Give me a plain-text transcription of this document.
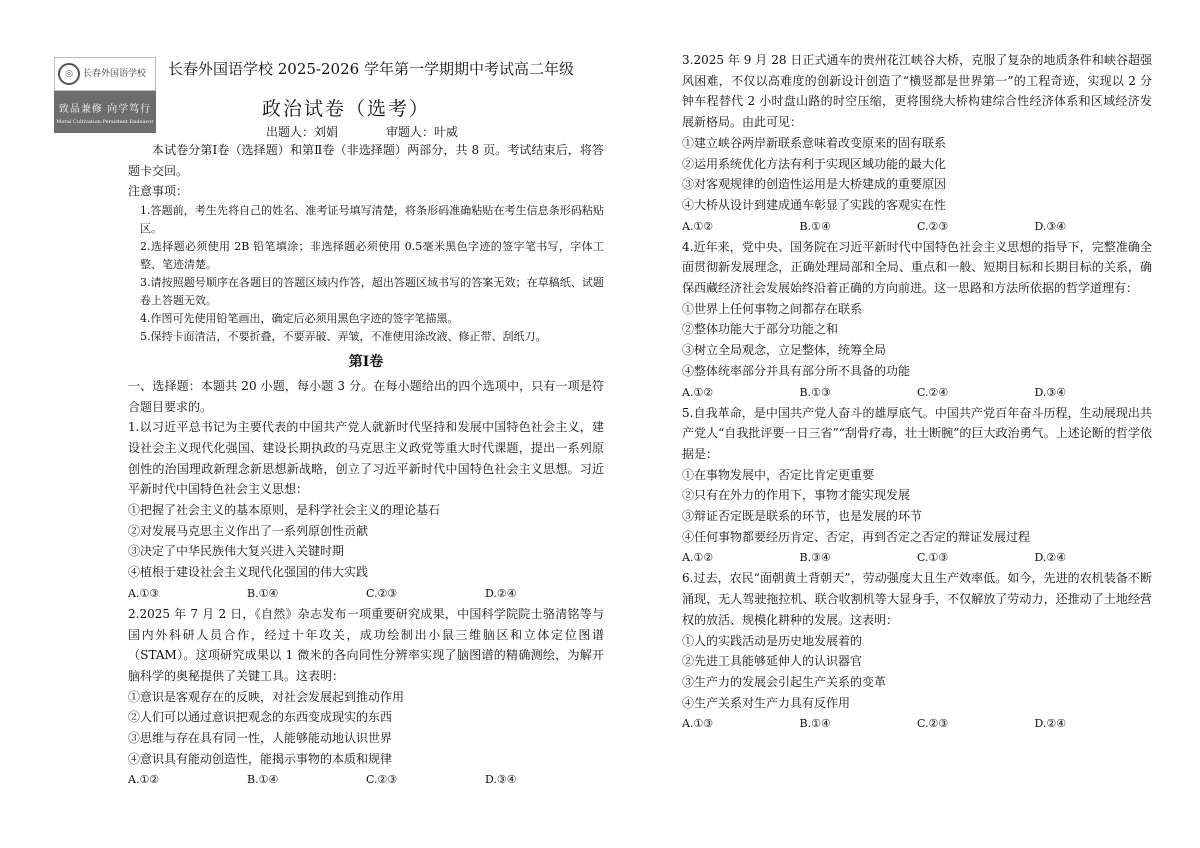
◎	长春外国语学校
致品兼修 向学笃行
Moral Cultivation Persistent Endeavor
长春外国语学校 2025-2026 学年第一学期期中考试高二年级
政治试卷（选考）
出题人：刘娟	审题人：叶威

本试卷分第Ⅰ卷（选择题）和第Ⅱ卷（非选择题）两部分，共 8 页。考试结束后，将答题卡交回。

注意事项：

1.答题前，考生先将自己的姓名、准考证号填写清楚，将条形码准确粘贴在考生信息条形码粘贴区。

2.选择题必须使用 2B 铅笔填涂；非选择题必须使用 0.5毫米黑色字迹的签字笔书写，字体工整、笔迹清楚。

3.请按照题号顺序在各题目的答题区域内作答，超出答题区域书写的答案无效；在草稿纸、试题卷上答题无效。

4.作图可先使用铅笔画出，确定后必须用黑色字迹的签字笔描黑。

5.保持卡面清洁，不要折叠，不要弄破、弄皱，不准使用涂改液、修正带、刮纸刀。

第Ⅰ卷

一、选择题：本题共 20 小题，每小题 3 分。在每小题给出的四个选项中，只有一项是符合题目要求的。

1.以习近平总书记为主要代表的中国共产党人就新时代坚持和发展中国特色社会主义，建设社会主义现代化强国、建设长期执政的马克思主义政党等重大时代课题，提出一系列原创性的治国理政新理念新思想新战略，创立了习近平新时代中国特色社会主义思想。习近平新时代中国特色社会主义思想：

①把握了社会主义的基本原则，是科学社会主义的理论基石

②对发展马克思主义作出了一系列原创性贡献

③决定了中华民族伟大复兴进入关键时期

④植根于建设社会主义现代化强国的伟大实践

A.①③	B.①④	C.②③	D.②④

2.2025 年 7 月 2 日，《自然》杂志发布一项重要研究成果，中国科学院院士骆清铭等与国内外科研人员合作，经过十年攻关，成功绘制出小鼠三维脑区和立体定位图谱（STAM）。这项研究成果以 1 微米的各向同性分辨率实现了脑图谱的精确测绘，为解开脑科学的奥秘提供了关键工具。这表明：

①意识是客观存在的反映，对社会发展起到推动作用

②人们可以通过意识把观念的东西变成现实的东西

③思维与存在具有同一性，人能够能动地认识世界

④意识具有能动创造性，能揭示事物的本质和规律

A.①②	B.①④	C.②③	D.③④

3.2025 年 9 月 28 日正式通车的贵州花江峡谷大桥，克服了复杂的地质条件和峡谷超强风困难，不仅以高难度的创新设计创造了“横竖都是世界第一”的工程奇迹，实现以 2 分钟车程替代 2 小时盘山路的时空压缩，更将围绕大桥构建综合性经济体系和区域经济发展新格局。由此可见：

①建立峡谷两岸新联系意味着改变原来的固有联系

②运用系统优化方法有利于实现区域功能的最大化

③对客观规律的创造性运用是大桥建成的重要原因

④大桥从设计到建成通车彰显了实践的客观实在性

A.①②	B.①④	C.②③	D.③④

4.近年来，党中央、国务院在习近平新时代中国特色社会主义思想的指导下，完整准确全面贯彻新发展理念，正确处理局部和全局、重点和一般、短期目标和长期目标的关系，确保西藏经济社会发展始终沿着正确的方向前进。这一思路和方法所依据的哲学道理有：

①世界上任何事物之间都存在联系

②整体功能大于部分功能之和

③树立全局观念，立足整体，统筹全局

④整体统率部分并具有部分所不具备的功能

A.①②	B.①③	C.②④	D.③④

5.自我革命，是中国共产党人奋斗的雄厚底气。中国共产党百年奋斗历程，生动展现出共产党人“自我批评要一日三省”“刮骨疗毒，壮士断腕”的巨大政治勇气。上述论断的哲学依据是：

①在事物发展中，否定比肯定更重要

②只有在外力的作用下，事物才能实现发展

③辩证否定既是联系的环节，也是发展的环节

④任何事物都要经历肯定、否定，再到否定之否定的辩证发展过程

A.①②	B.③④	C.①③	D.②④

6.过去，农民“面朝黄土背朝天”，劳动强度大且生产效率低。如今，先进的农机装备不断涌现，无人驾驶拖拉机、联合收割机等大显身手，不仅解放了劳动力，还推动了土地经营权的放活、规模化耕种的发展。这表明：

①人的实践活动是历史地发展着的

②先进工具能够延伸人的认识器官

③生产力的发展会引起生产关系的变革

④生产关系对生产力具有反作用

A.①③	B.①④	C.②③	D.②④
